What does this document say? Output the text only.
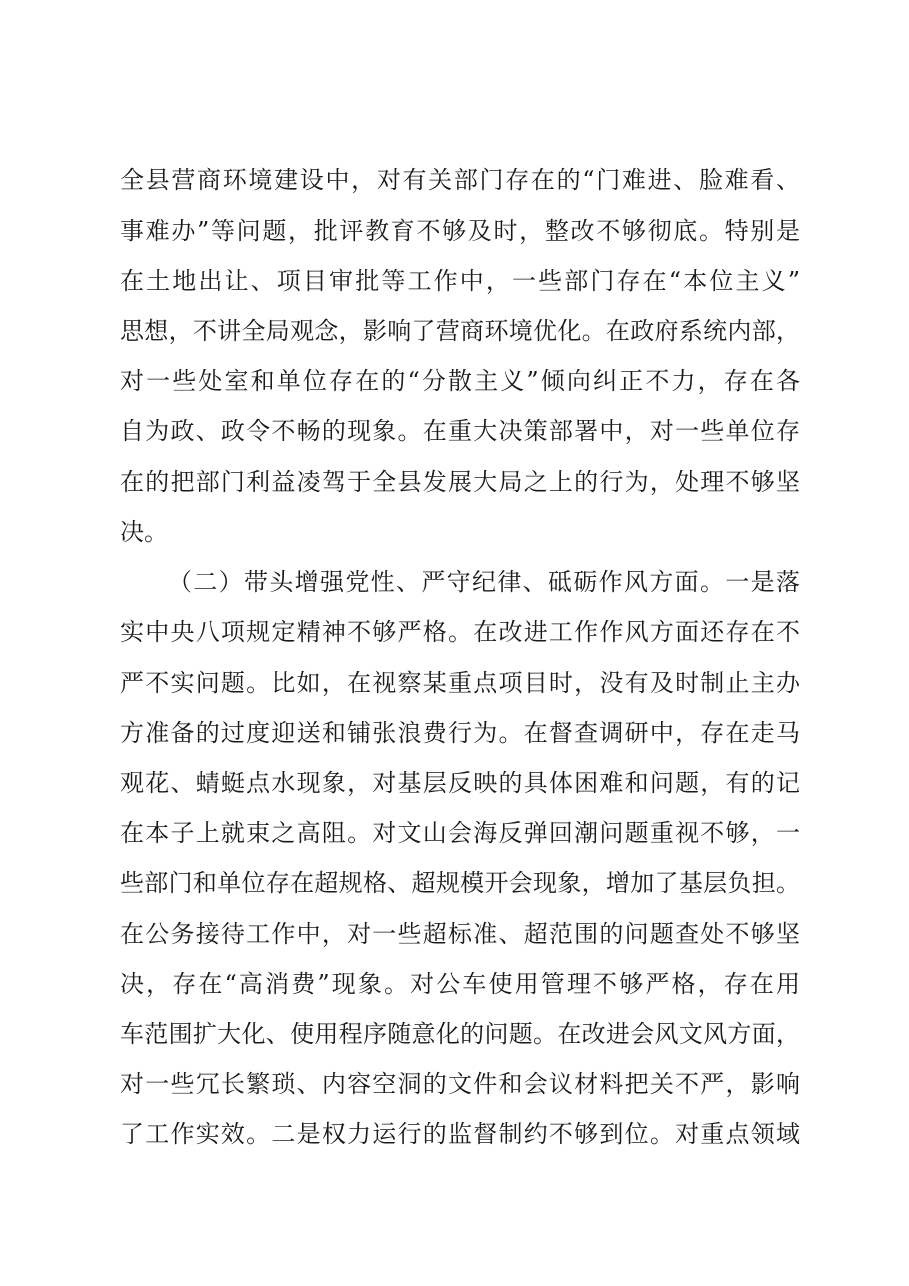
全县营商环境建设中，对有关部门存在的“门难进、脸难看、
事难办”等问题，批评教育不够及时，整改不够彻底。特别是
在土地出让、项目审批等工作中，一些部门存在“本位主义”
思想，不讲全局观念，影响了营商环境优化。在政府系统内部，
对一些处室和单位存在的“分散主义”倾向纠正不力，存在各
自为政、政令不畅的现象。在重大决策部署中，对一些单位存
在的把部门利益凌驾于全县发展大局之上的行为，处理不够坚
决。
（二）带头增强党性、严守纪律、砥砺作风方面。一是落
实中央八项规定精神不够严格。在改进工作作风方面还存在不
严不实问题。比如，在视察某重点项目时，没有及时制止主办
方准备的过度迎送和铺张浪费行为。在督查调研中，存在走马
观花、蜻蜓点水现象，对基层反映的具体困难和问题，有的记
在本子上就束之高阻。对文山会海反弹回潮问题重视不够，一
些部门和单位存在超规格、超规模开会现象，增加了基层负担。
在公务接待工作中，对一些超标准、超范围的问题查处不够坚
决，存在“高消费”现象。对公车使用管理不够严格，存在用
车范围扩大化、使用程序随意化的问题。在改进会风文风方面，
对一些冗长繁琐、内容空洞的文件和会议材料把关不严，影响
了工作实效。二是权力运行的监督制约不够到位。对重点领域
